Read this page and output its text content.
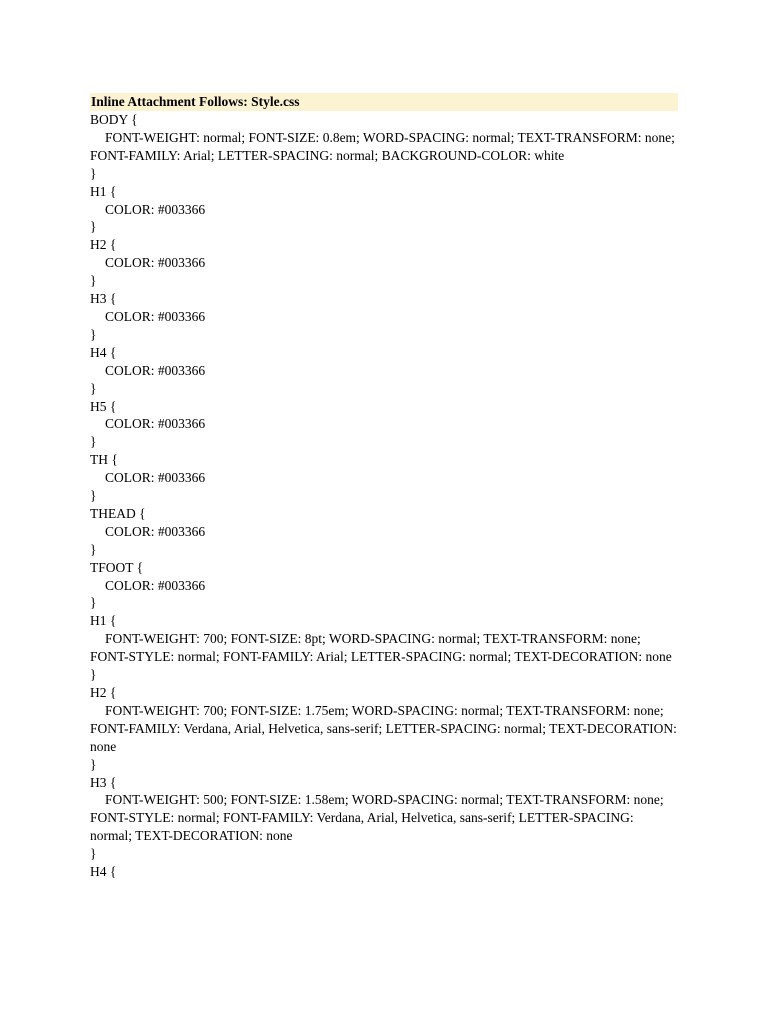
Inline Attachment Follows: Style.css
BODY {
FONT-WEIGHT: normal; FONT-SIZE: 0.8em; WORD-SPACING: normal; TEXT-TRANSFORM: none; FONT-FAMILY: Arial; LETTER-SPACING: normal; BACKGROUND-COLOR: white
}
H1 {
COLOR: #003366
}
H2 {
COLOR: #003366
}
H3 {
COLOR: #003366
}
H4 {
COLOR: #003366
}
H5 {
COLOR: #003366
}
TH {
COLOR: #003366
}
THEAD {
COLOR: #003366
}
TFOOT {
COLOR: #003366
}
H1 {
FONT-WEIGHT: 700; FONT-SIZE: 8pt; WORD-SPACING: normal; TEXT-TRANSFORM: none; FONT-STYLE: normal; FONT-FAMILY: Arial; LETTER-SPACING: normal; TEXT-DECORATION: none
}
H2 {
FONT-WEIGHT: 700; FONT-SIZE: 1.75em; WORD-SPACING: normal; TEXT-TRANSFORM: none; FONT-FAMILY: Verdana, Arial, Helvetica, sans-serif; LETTER-SPACING: normal; TEXT-DECORATION: none
}
H3 {
FONT-WEIGHT: 500; FONT-SIZE: 1.58em; WORD-SPACING: normal; TEXT-TRANSFORM: none; FONT-STYLE: normal; FONT-FAMILY: Verdana, Arial, Helvetica, sans-serif; LETTER-SPACING: normal; TEXT-DECORATION: none
}
H4 {
